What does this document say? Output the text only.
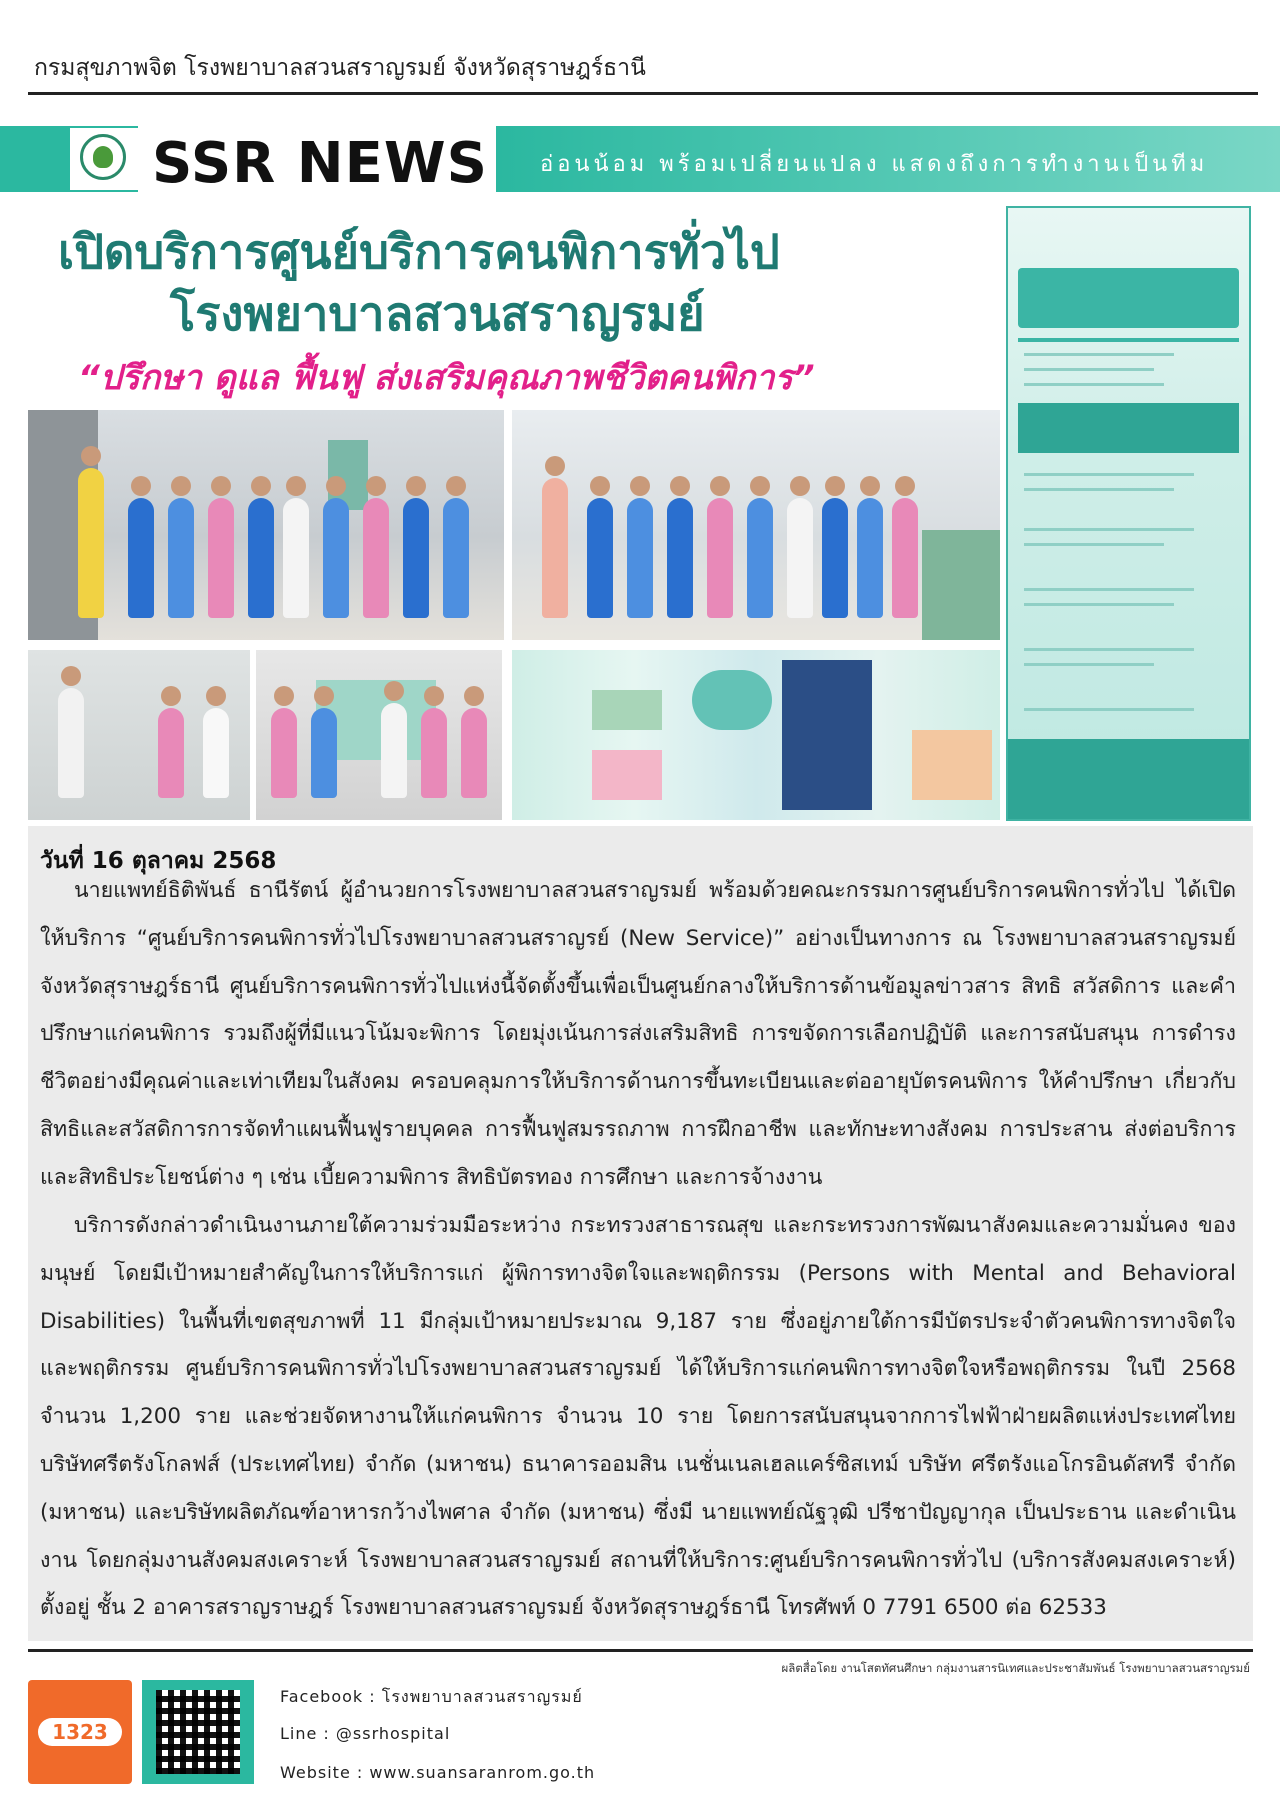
กรมสุขภาพจิต โรงพยาบาลสวนสราญรมย์ จังหวัดสุราษฎร์ธานี
SSR NEWS อ่อนน้อม พร้อมเปลี่ยนแปลง แสดงถึงการทำงานเป็นทีม
เปิดบริการศูนย์บริการคนพิการทั่วไป
โรงพยาบาลสวนสราญรมย์
“ปรึกษา ดูแล ฟื้นฟู ส่งเสริมคุณภาพชีวิตคนพิการ”
วันที่ 16 ตุลาคม 2568

นายแพทย์ธิติพันธ์ ธานีรัตน์ ผู้อำนวยการโรงพยาบาลสวนสราญรมย์ พร้อมด้วยคณะกรรมการศูนย์บริการคนพิการทั่วไป ได้เปิดให้บริการ “ศูนย์บริการคนพิการทั่วไปโรงพยาบาลสวนสราญรย์ (New Service)” อย่างเป็นทางการ ณ โรงพยาบาลสวนสราญรมย์ จังหวัดสุราษฎร์ธานี ศูนย์บริการคนพิการทั่วไปแห่งนี้จัดตั้งขึ้นเพื่อเป็นศูนย์กลางให้บริการด้านข้อมูลข่าวสาร สิทธิ สวัสดิการ และคำปรึกษาแก่คนพิการ รวมถึงผู้ที่มีแนวโน้มจะพิการ โดยมุ่งเน้นการส่งเสริมสิทธิ การขจัดการเลือกปฏิบัติ และการสนับสนุน การดำรงชีวิตอย่างมีคุณค่าและเท่าเทียมในสังคม ครอบคลุมการให้บริการด้านการขึ้นทะเบียนและต่ออายุบัตรคนพิการ ให้คำปรึกษา เกี่ยวกับสิทธิและสวัสดิการการจัดทำแผนฟื้นฟูรายบุคคล การฟื้นฟูสมรรถภาพ การฝึกอาชีพ และทักษะทางสังคม การประสาน ส่งต่อบริการและสิทธิประโยชน์ต่าง ๆ เช่น เบี้ยความพิการ สิทธิบัตรทอง การศึกษา และการจ้างงาน

บริการดังกล่าวดำเนินงานภายใต้ความร่วมมือระหว่าง กระทรวงสาธารณสุข และกระทรวงการพัฒนาสังคมและความมั่นคง ของมนุษย์ โดยมีเป้าหมายสำคัญในการให้บริการแก่ ผู้พิการทางจิตใจและพฤติกรรม (Persons with Mental and Behavioral Disabilities) ในพื้นที่เขตสุขภาพที่ 11 มีกลุ่มเป้าหมายประมาณ 9,187 ราย ซึ่งอยู่ภายใต้การมีบัตรประจำตัวคนพิการทางจิตใจ และพฤติกรรม ศูนย์บริการคนพิการทั่วไปโรงพยาบาลสวนสราญรมย์ ได้ให้บริการแก่คนพิการทางจิตใจหรือพฤติกรรม ในปี 2568 จำนวน 1,200 ราย และช่วยจัดหางานให้แก่คนพิการ จำนวน 10 ราย โดยการสนับสนุนจากการไฟฟ้าฝ่ายผลิตแห่งประเทศไทย บริษัทศรีตรังโกลฟส์ (ประเทศไทย) จำกัด (มหาชน) ธนาคารออมสิน เนชั่นเนลเฮลแคร์ซิสเทม์ บริษัท ศรีตรังแอโกรอินดัสทรี จำกัด (มหาชน) และบริษัทผลิตภัณฑ์อาหารกว้างไพศาล จำกัด (มหาชน) ซึ่งมี นายแพทย์ณัฐวุฒิ ปรีชาปัญญากุล เป็นประธาน และดำเนินงาน โดยกลุ่มงานสังคมสงเคราะห์ โรงพยาบาลสวนสราญรมย์ สถานที่ให้บริการ:ศูนย์บริการคนพิการทั่วไป (บริการสังคมสงเคราะห์) ตั้งอยู่ ชั้น 2 อาคารสราญราษฎร์ โรงพยาบาลสวนสราญรมย์ จังหวัดสุราษฎร์ธานี โทรศัพท์ 0 7791 6500 ต่อ 62533

ผลิตสื่อโดย งานโสตทัศนศึกษา กลุ่มงานสารนิเทศและประชาสัมพันธ์ โรงพยาบาลสวนสราญรมย์
1323
Facebook : โรงพยาบาลสวนสราญรมย์
Line : @ssrhospital
Website : www.suansaranrom.go.th
